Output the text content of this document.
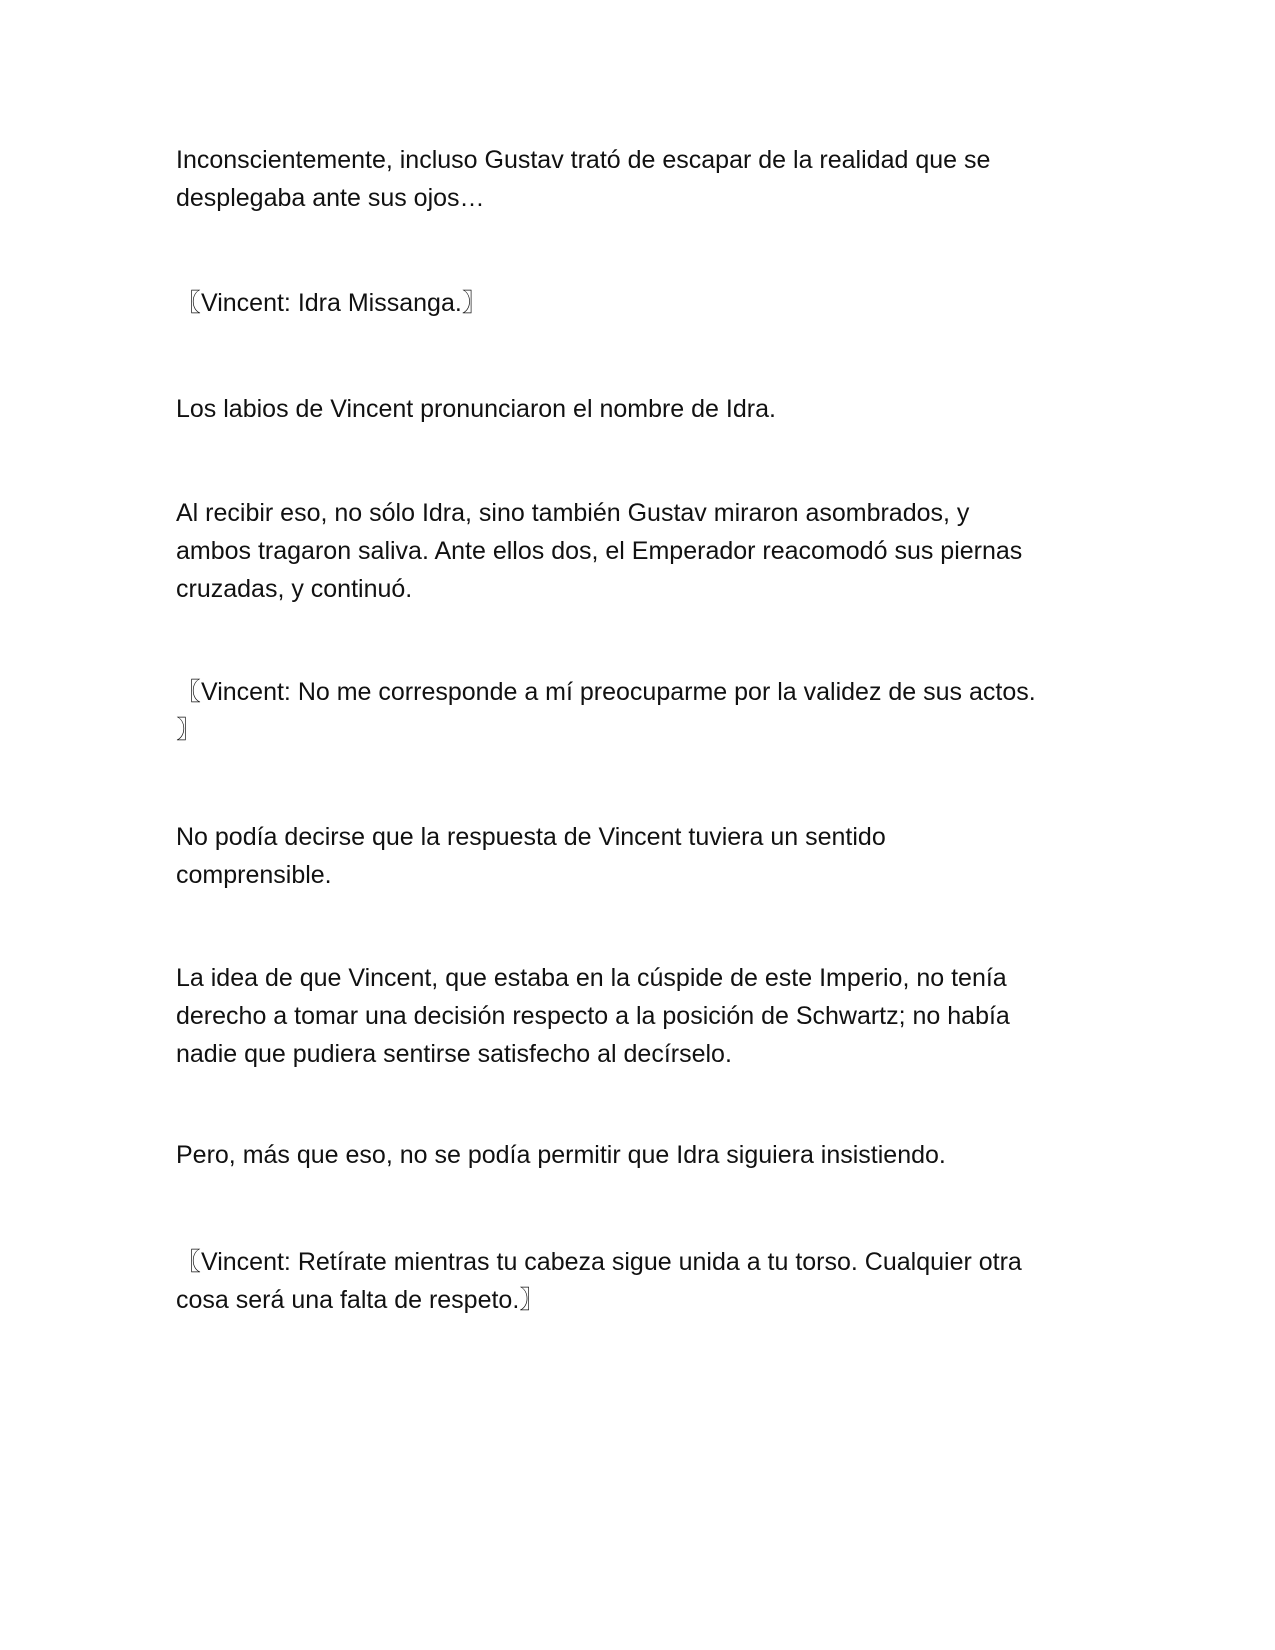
Inconscientemente, incluso Gustav trató de escapar de la realidad que se
desplegaba ante sus ojos…

〖Vincent: Idra Missanga.〗

Los labios de Vincent pronunciaron el nombre de Idra.

Al recibir eso, no sólo Idra, sino también Gustav miraron asombrados, y
ambos tragaron saliva. Ante ellos dos, el Emperador reacomodó sus piernas
cruzadas, y continuó.

〖Vincent: No me corresponde a mí preocuparme por la validez de sus actos.
〗

No podía decirse que la respuesta de Vincent tuviera un sentido
comprensible.

La idea de que Vincent, que estaba en la cúspide de este Imperio, no tenía
derecho a tomar una decisión respecto a la posición de Schwartz; no había
nadie que pudiera sentirse satisfecho al decírselo.

Pero, más que eso, no se podía permitir que Idra siguiera insistiendo.

〖Vincent: Retírate mientras tu cabeza sigue unida a tu torso. Cualquier otra
cosa será una falta de respeto.〗
